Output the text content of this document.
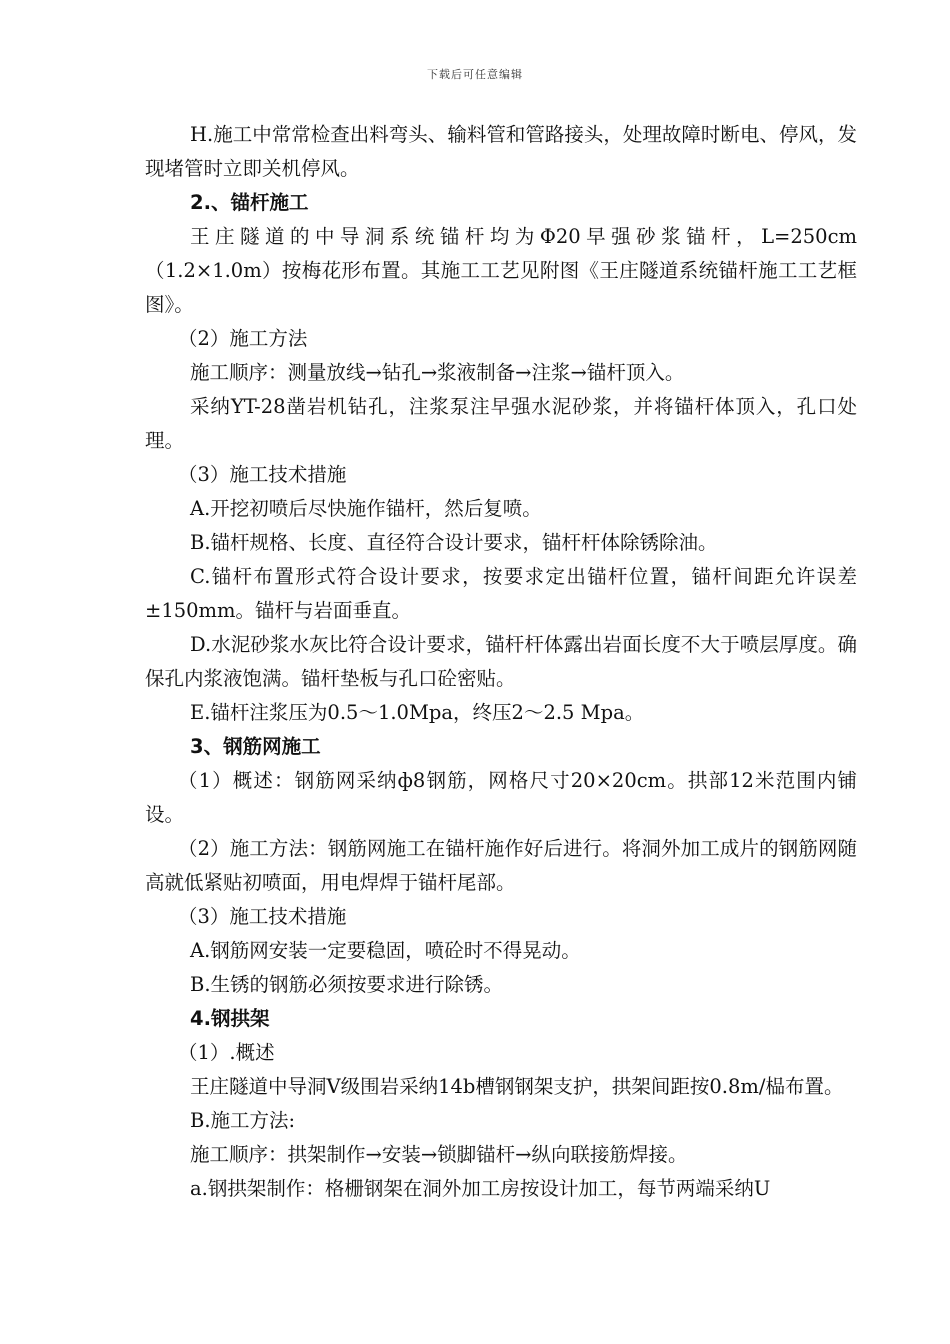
下载后可任意编辑

H.施工中常常检查出料弯头、输料管和管路接头，处理故障时断电、停风，发现堵管时立即关机停风。

2.、锚杆施工

王庄隧道的中导洞系统锚杆均为Φ20早强砂浆锚杆，L=250cm（1.2×1.0m）按梅花形布置。其施工工艺见附图《王庄隧道系统锚杆施工工艺框图》。

（2）施工方法

施工顺序：测量放线→钻孔→浆液制备→注浆→锚杆顶入。

采纳YT-28凿岩机钻孔，注浆泵注早强水泥砂浆，并将锚杆体顶入，孔口处理。

（3）施工技术措施

A.开挖初喷后尽快施作锚杆，然后复喷。

B.锚杆规格、长度、直径符合设计要求，锚杆杆体除锈除油。

C.锚杆布置形式符合设计要求，按要求定出锚杆位置，锚杆间距允许误差±150mm。锚杆与岩面垂直。

D.水泥砂浆水灰比符合设计要求，锚杆杆体露出岩面长度不大于喷层厚度。确保孔内浆液饱满。锚杆垫板与孔口砼密贴。

E.锚杆注浆压为0.5～1.0Mpa，终压2～2.5 Mpa。

3、钢筋网施工

（1）概述：钢筋网采纳ф8钢筋，网格尺寸20×20cm。拱部12米范围内铺设。

（2）施工方法：钢筋网施工在锚杆施作好后进行。将洞外加工成片的钢筋网随高就低紧贴初喷面，用电焊焊于锚杆尾部。

（3）施工技术措施

A.钢筋网安装一定要稳固，喷砼时不得晃动。

B.生锈的钢筋必须按要求进行除锈。

4.钢拱架

（1）.概述

王庄隧道中导洞Ⅴ级围岩采纳14b槽钢钢架支护，拱架间距按0.8m/榀布置。

B.施工方法:

施工顺序：拱架制作→安装→锁脚锚杆→纵向联接筋焊接。

a.钢拱架制作：格栅钢架在洞外加工房按设计加工，每节两端采纳U
